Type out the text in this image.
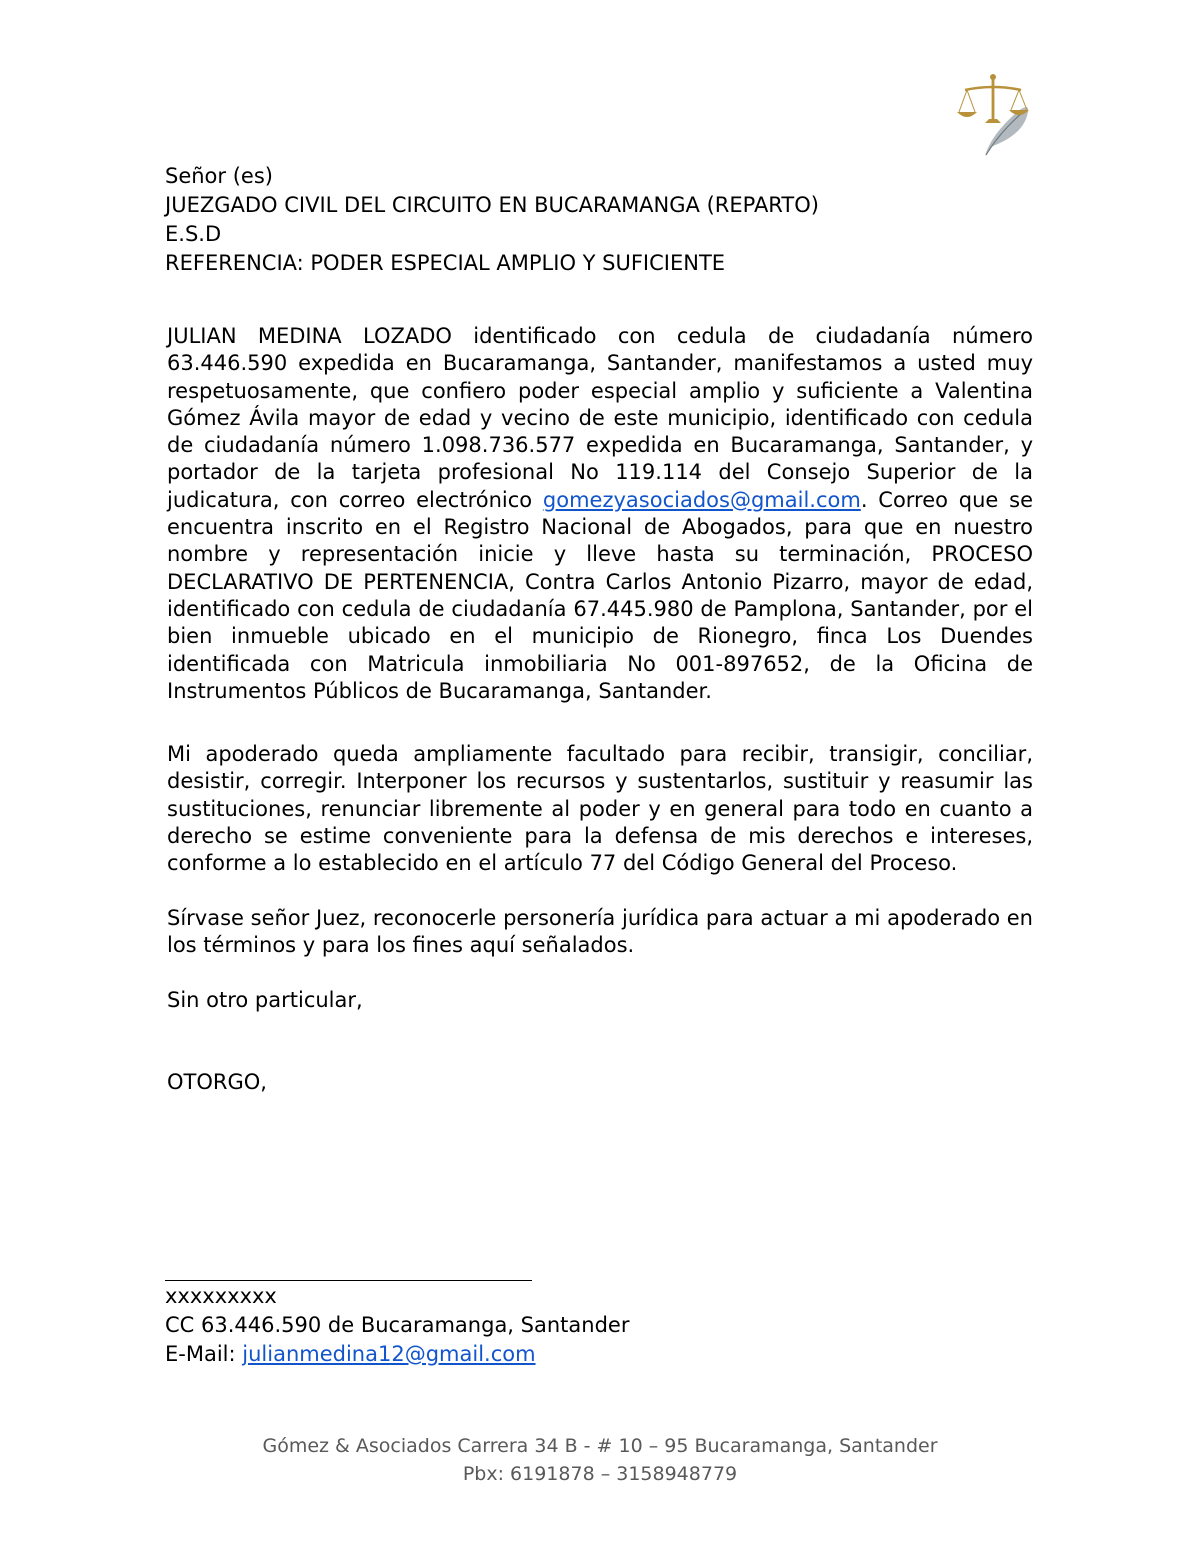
Señor (es)
JUEZGADO CIVIL DEL CIRCUITO EN BUCARAMANGA (REPARTO)
E.S.D
REFERENCIA: PODER ESPECIAL AMPLIO Y SUFICIENTE

JULIAN MEDINA LOZADO identificado con cedula de ciudadanía número 63.446.590 expedida en Bucaramanga, Santander, manifestamos a usted muy respetuosamente, que confiero poder especial amplio y suficiente a Valentina Gómez Ávila mayor de edad y vecino de este municipio, identificado con cedula de ciudadanía número 1.098.736.577 expedida en Bucaramanga, Santander, y portador de la tarjeta profesional No 119.114 del Consejo Superior de la judicatura, con correo electrónico gomezyasociados@gmail.com. Correo que se encuentra inscrito en el Registro Nacional de Abogados, para que en nuestro nombre y representación inicie y lleve hasta su terminación, PROCESO DECLARATIVO DE PERTENENCIA, Contra Carlos Antonio Pizarro, mayor de edad, identificado con cedula de ciudadanía 67.445.980 de Pamplona, Santander, por el bien inmueble ubicado en el municipio de Rionegro, finca Los Duendes identificada con Matricula inmobiliaria No 001-897652, de la Oficina de Instrumentos Públicos de Bucaramanga, Santander.

Mi apoderado queda ampliamente facultado para recibir, transigir, conciliar, desistir, corregir. Interponer los recursos y sustentarlos, sustituir y reasumir las sustituciones, renunciar libremente al poder y en general para todo en cuanto a derecho se estime conveniente para la defensa de mis derechos e intereses, conforme a lo establecido en el artículo 77 del Código General del Proceso.

Sírvase señor Juez, reconocerle personería jurídica para actuar a mi apoderado en los términos y para los fines aquí señalados.

Sin otro particular,

OTORGO,

xxxxxxxxx
CC 63.446.590 de Bucaramanga, Santander
E-Mail: julianmedina12@gmail.com
Gómez & Asociados Carrera 34 B - # 10 – 95 Bucaramanga, Santander
Pbx: 6191878 – 3158948779
